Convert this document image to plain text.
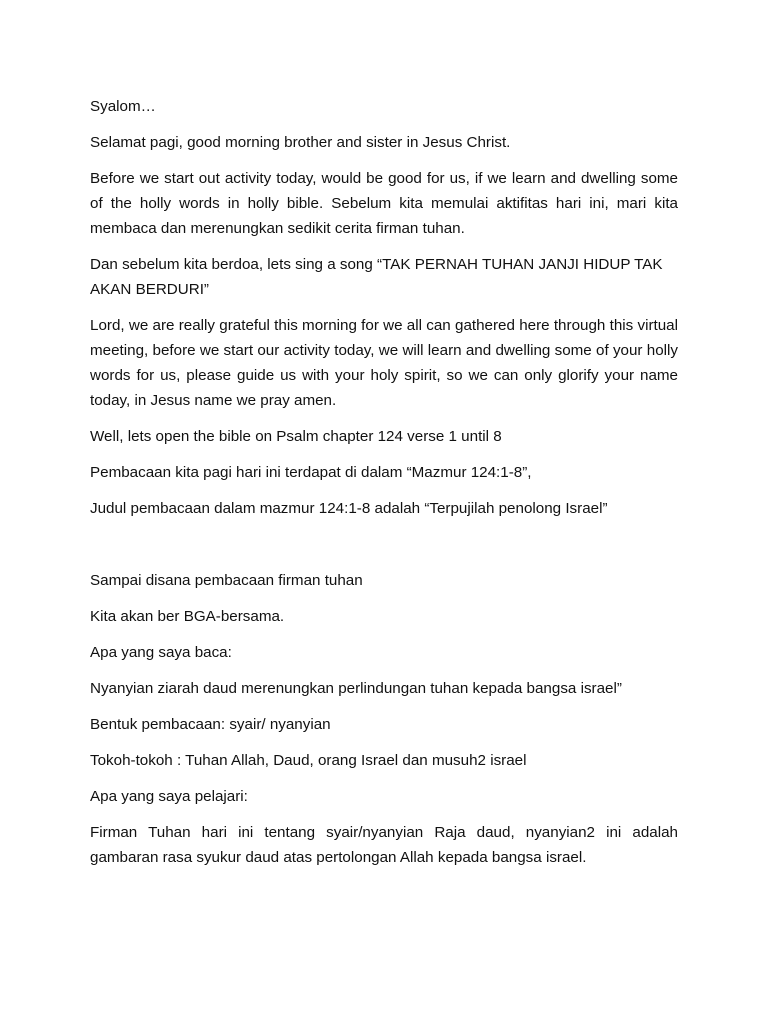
Syalom…

Selamat pagi, good morning brother and sister in Jesus Christ.

Before we start out activity today, would be good for us, if we learn and dwelling some of the holly words in holly bible. Sebelum kita memulai aktifitas hari ini, mari kita membaca dan merenungkan sedikit cerita firman tuhan.

Dan sebelum kita berdoa, lets sing a song “TAK PERNAH TUHAN JANJI HIDUP TAK AKAN BERDURI”

Lord, we are really grateful this morning for we all can gathered here through this virtual meeting, before we start our activity today, we will learn and dwelling some of your holly words for us, please guide us with your holy spirit, so we can only glorify your name today, in Jesus name we pray amen.

Well, lets open the bible on Psalm chapter 124 verse 1 until 8

Pembacaan kita pagi hari ini terdapat di dalam “Mazmur 124:1-8”,

Judul pembacaan dalam mazmur 124:1-8 adalah “Terpujilah penolong Israel”

Sampai disana pembacaan firman tuhan

Kita akan ber BGA-bersama.

Apa yang saya baca:

Nyanyian ziarah daud merenungkan perlindungan tuhan kepada bangsa israel”

Bentuk pembacaan: syair/ nyanyian

Tokoh-tokoh : Tuhan Allah, Daud, orang Israel dan musuh2 israel

Apa yang saya pelajari:

Firman Tuhan hari ini tentang syair/nyanyian Raja daud, nyanyian2 ini adalah gambaran rasa syukur daud atas pertolongan Allah kepada bangsa israel.
